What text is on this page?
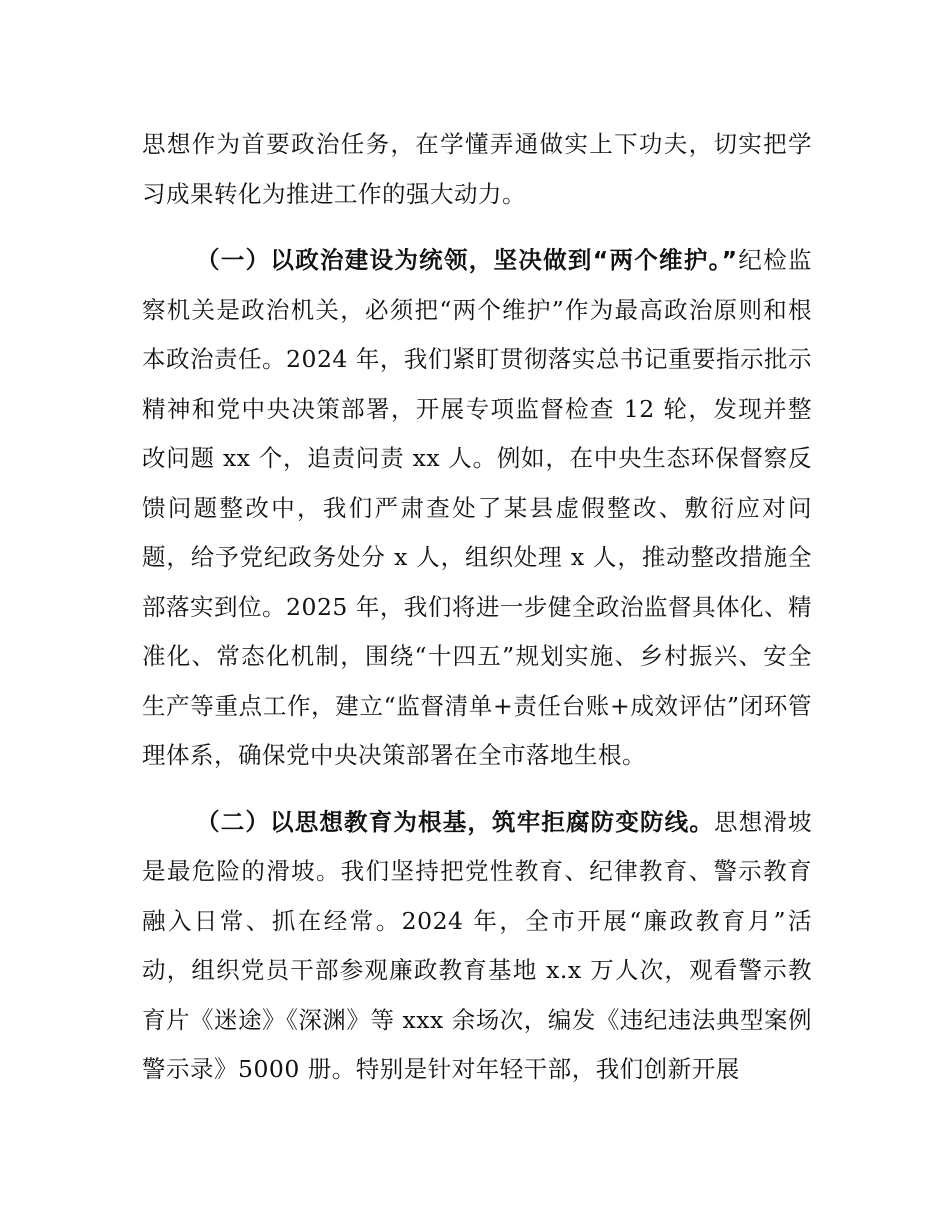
思想作为首要政治任务，在学懂弄通做实上下功夫，切实把学习成果转化为推进工作的强大动力。

（一）以政治建设为统领，坚决做到“两个维护。”纪检监察机关是政治机关，必须把“两个维护”作为最高政治原则和根本政治责任。2024 年，我们紧盯贯彻落实总书记重要指示批示精神和党中央决策部署，开展专项监督检查 12 轮，发现并整改问题 xx 个，追责问责 xx 人。例如，在中央生态环保督察反馈问题整改中，我们严肃查处了某县虚假整改、敷衍应对问题，给予党纪政务处分 x 人，组织处理 x 人，推动整改措施全部落实到位。2025 年，我们将进一步健全政治监督具体化、精准化、常态化机制，围绕“十四五”规划实施、乡村振兴、安全生产等重点工作，建立“监督清单+责任台账+成效评估”闭环管理体系，确保党中央决策部署在全市落地生根。

（二）以思想教育为根基，筑牢拒腐防变防线。思想滑坡是最危险的滑坡。我们坚持把党性教育、纪律教育、警示教育融入日常、抓在经常。2024 年，全市开展“廉政教育月”活动，组织党员干部参观廉政教育基地 x.x 万人次，观看警示教育片《迷途》《深渊》等 xxx 余场次，编发《违纪违法典型案例警示录》5000 册。特别是针对年轻干部，我们创新开展
